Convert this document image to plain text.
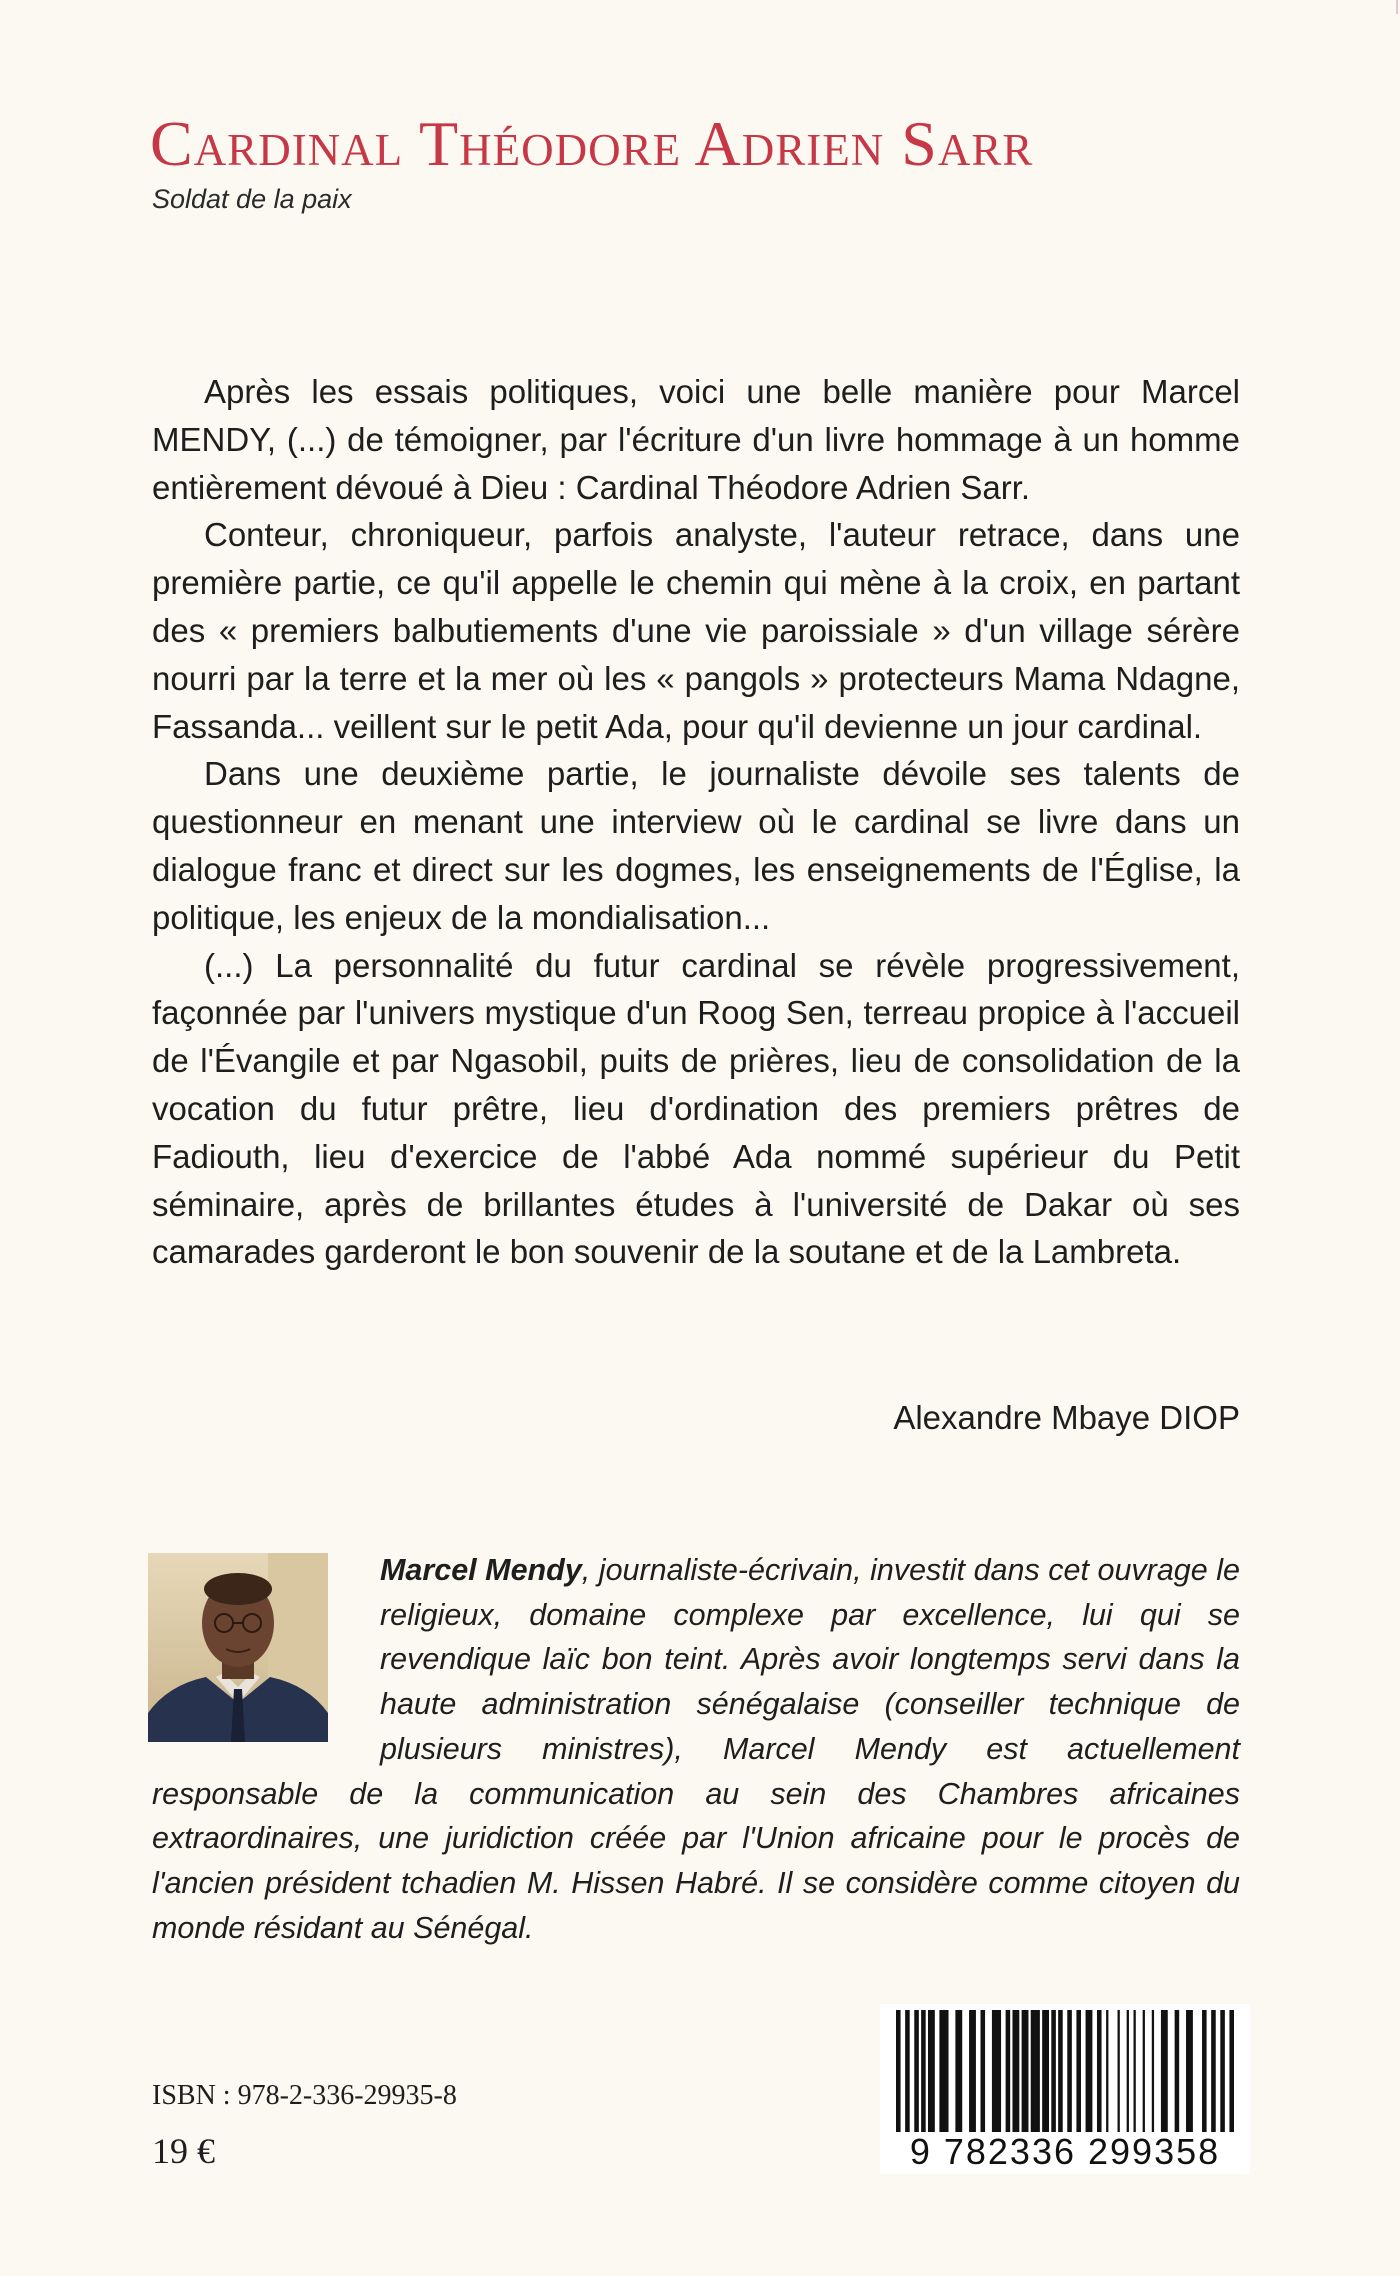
Cardinal Théodore Adrien Sarr
Soldat de la paix

Après les essais politiques, voici une belle manière pour Marcel MENDY, (...) de témoigner, par l'écriture d'un livre hommage à un homme entièrement dévoué à Dieu : Cardinal Théodore Adrien Sarr.

Conteur, chroniqueur, parfois analyste, l'auteur retrace, dans une première partie, ce qu'il appelle le chemin qui mène à la croix, en partant des « premiers balbutiements d'une vie paroissiale » d'un village sérère nourri par la terre et la mer où les « pangols » protecteurs Mama Ndagne, Fassanda... veillent sur le petit Ada, pour qu'il devienne un jour cardinal.

Dans une deuxième partie, le journaliste dévoile ses talents de questionneur en menant une interview où le cardinal se livre dans un dialogue franc et direct sur les dogmes, les enseignements de l'Église, la politique, les enjeux de la mondialisation...

(...) La personnalité du futur cardinal se révèle progressivement, façonnée par l'univers mystique d'un Roog Sen, terreau propice à l'accueil de l'Évangile et par Ngasobil, puits de prières, lieu de consolidation de la vocation du futur prêtre, lieu d'ordination des premiers prêtres de Fadiouth, lieu d'exercice de l'abbé Ada nommé supérieur du Petit séminaire, après de brillantes études à l'université de Dakar où ses camarades garderont le bon souvenir de la soutane et de la Lambreta.

Alexandre Mbaye DIOP
Marcel Mendy, journaliste-écrivain, investit dans cet ouvrage le religieux, domaine complexe par excellence, lui qui se revendique laïc bon teint. Après avoir longtemps servi dans la haute administration sénégalaise (conseiller technique de plusieurs ministres), Marcel Mendy est actuellement responsable de la communication au sein des Chambres africaines extraordinaires, une juridiction créée par l'Union africaine pour le procès de l'ancien président tchadien M. Hissen Habré. Il se considère comme citoyen du monde résidant au Sénégal.
ISBN : 978-2-336-29935-8
19 €	9 782336 299358
